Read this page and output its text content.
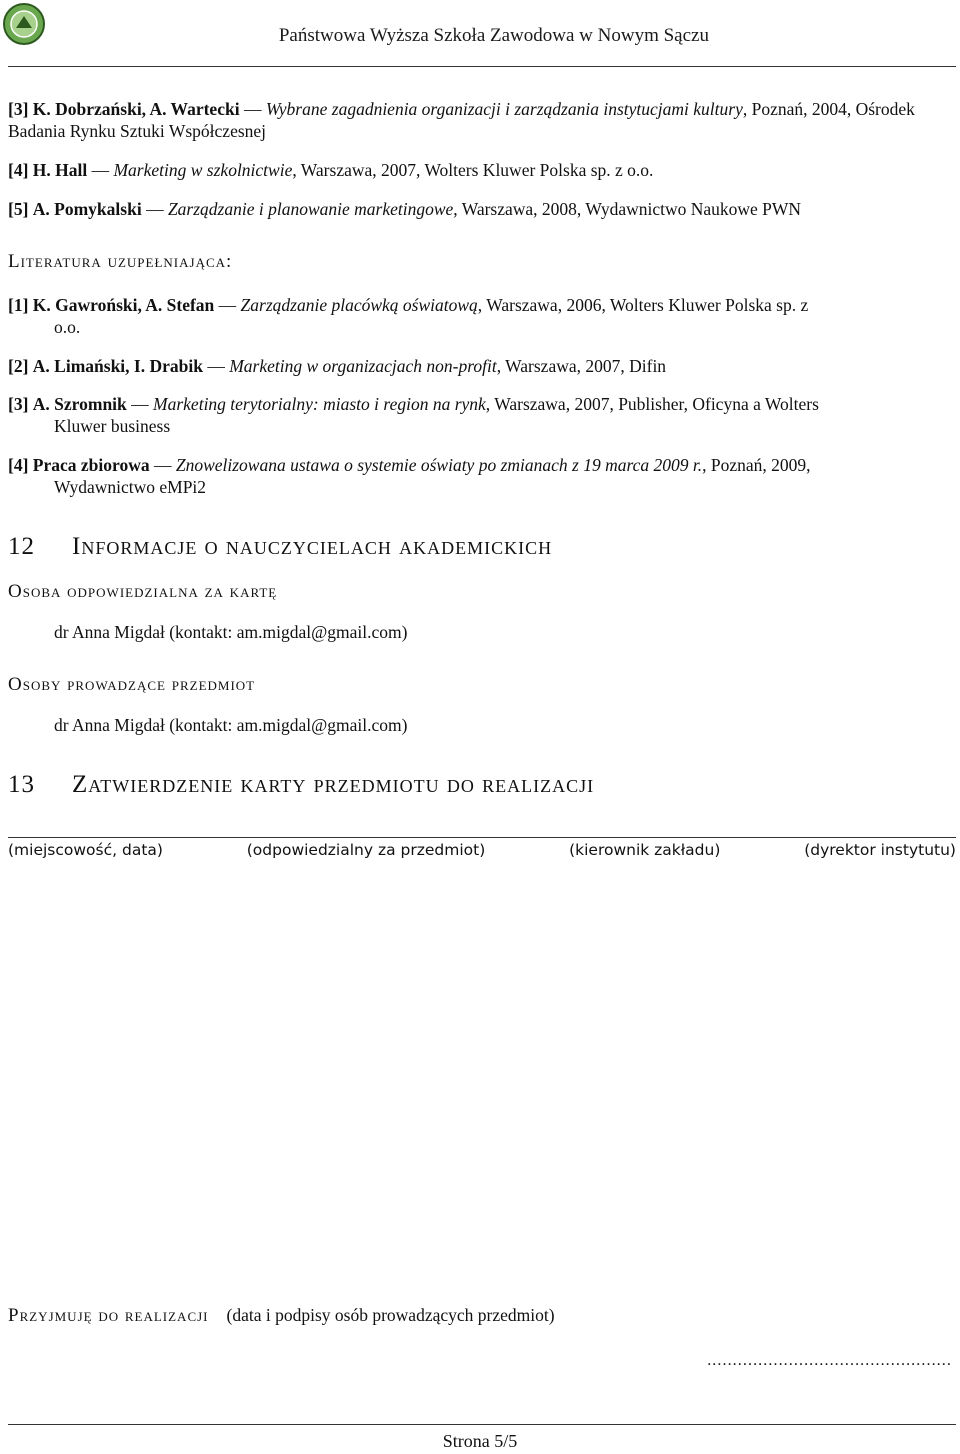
Państwowa Wyższa Szkoła Zawodowa w Nowym Sączu
[3] K. Dobrzański, A. Wartecki — Wybrane zagadnienia organizacji i zarządzania instytucjami kultury, Poznań, 2004, Ośrodek Badania Rynku Sztuki Współczesnej
[4] H. Hall — Marketing w szkolnictwie, Warszawa, 2007, Wolters Kluwer Polska sp. z o.o.
[5] A. Pomykalski — Zarządzanie i planowanie marketingowe, Warszawa, 2008, Wydawnictwo Naukowe PWN
Literatura uzupełniająca:
[1] K. Gawroński, A. Stefan — Zarządzanie placówką oświatową, Warszawa, 2006, Wolters Kluwer Polska sp. z
o.o.
[2] A. Limański, I. Drabik — Marketing w organizacjach non-profit, Warszawa, 2007, Difin
[3] A. Szromnik — Marketing terytorialny: miasto i region na rynk, Warszawa, 2007, Publisher, Oficyna a Wolters
Kluwer business
[4] Praca zbiorowa — Znowelizowana ustawa o systemie oświaty po zmianach z 19 marca 2009 r., Poznań, 2009,
Wydawnictwo eMPi2
12 Informacje o nauczycielach akademickich
Osoba odpowiedzialna za kartę
dr Anna Migdał (kontakt: am.migdal@gmail.com)
Osoby prowadzące przedmiot
dr Anna Migdał (kontakt: am.migdal@gmail.com)
13 Zatwierdzenie karty przedmiotu do realizacji
(miejscowość, data)	(odpowiedzialny za przedmiot)	(kierownik zakładu)	(dyrektor instytutu)
Przyjmuję do realizacji (data i podpisy osób prowadzących przedmiot)
................................................
Strona 5/5
